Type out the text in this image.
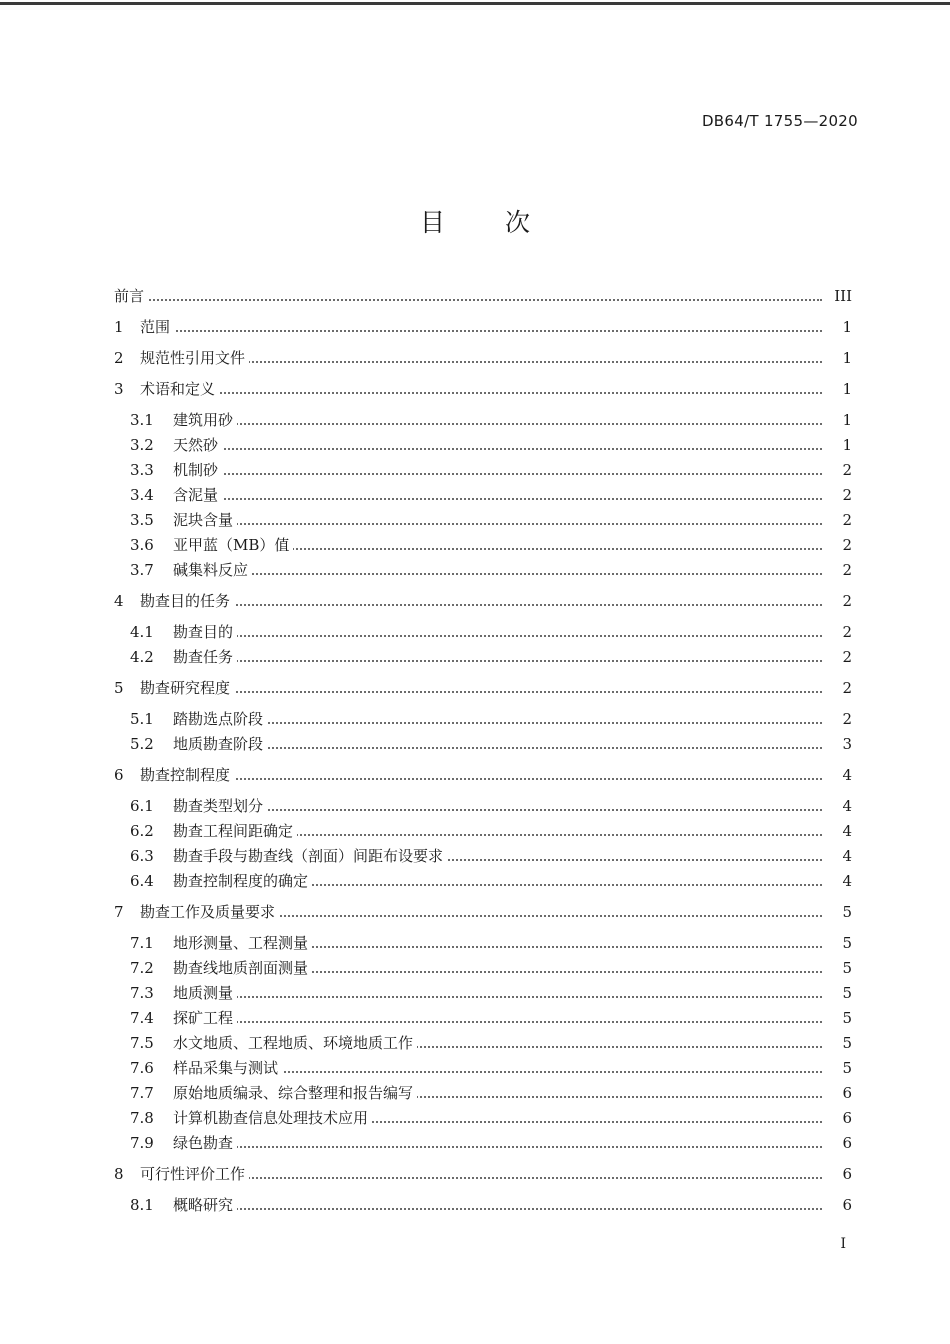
DB64/T 1755—2020
目 次
前言	III
1 范围	1
2 规范性引用文件	1
3 术语和定义	1
3.1 建筑用砂	1
3.2 天然砂	1
3.3 机制砂	2
3.4 含泥量	2
3.5 泥块含量	2
3.6 亚甲蓝（MB）值	2
3.7 碱集料反应	2
4 勘查目的任务	2
4.1 勘查目的	2
4.2 勘查任务	2
5 勘查研究程度	2
5.1 踏勘选点阶段	2
5.2 地质勘查阶段	3
6 勘查控制程度	4
6.1 勘查类型划分	4
6.2 勘查工程间距确定	4
6.3 勘查手段与勘查线（剖面）间距布设要求	4
6.4 勘查控制程度的确定	4
7 勘查工作及质量要求	5
7.1 地形测量、工程测量	5
7.2 勘查线地质剖面测量	5
7.3 地质测量	5
7.4 探矿工程	5
7.5 水文地质、工程地质、环境地质工作	5
7.6 样品采集与测试	5
7.7 原始地质编录、综合整理和报告编写	6
7.8 计算机勘查信息处理技术应用	6
7.9 绿色勘查	6
8 可行性评价工作	6
8.1 概略研究	6
I
